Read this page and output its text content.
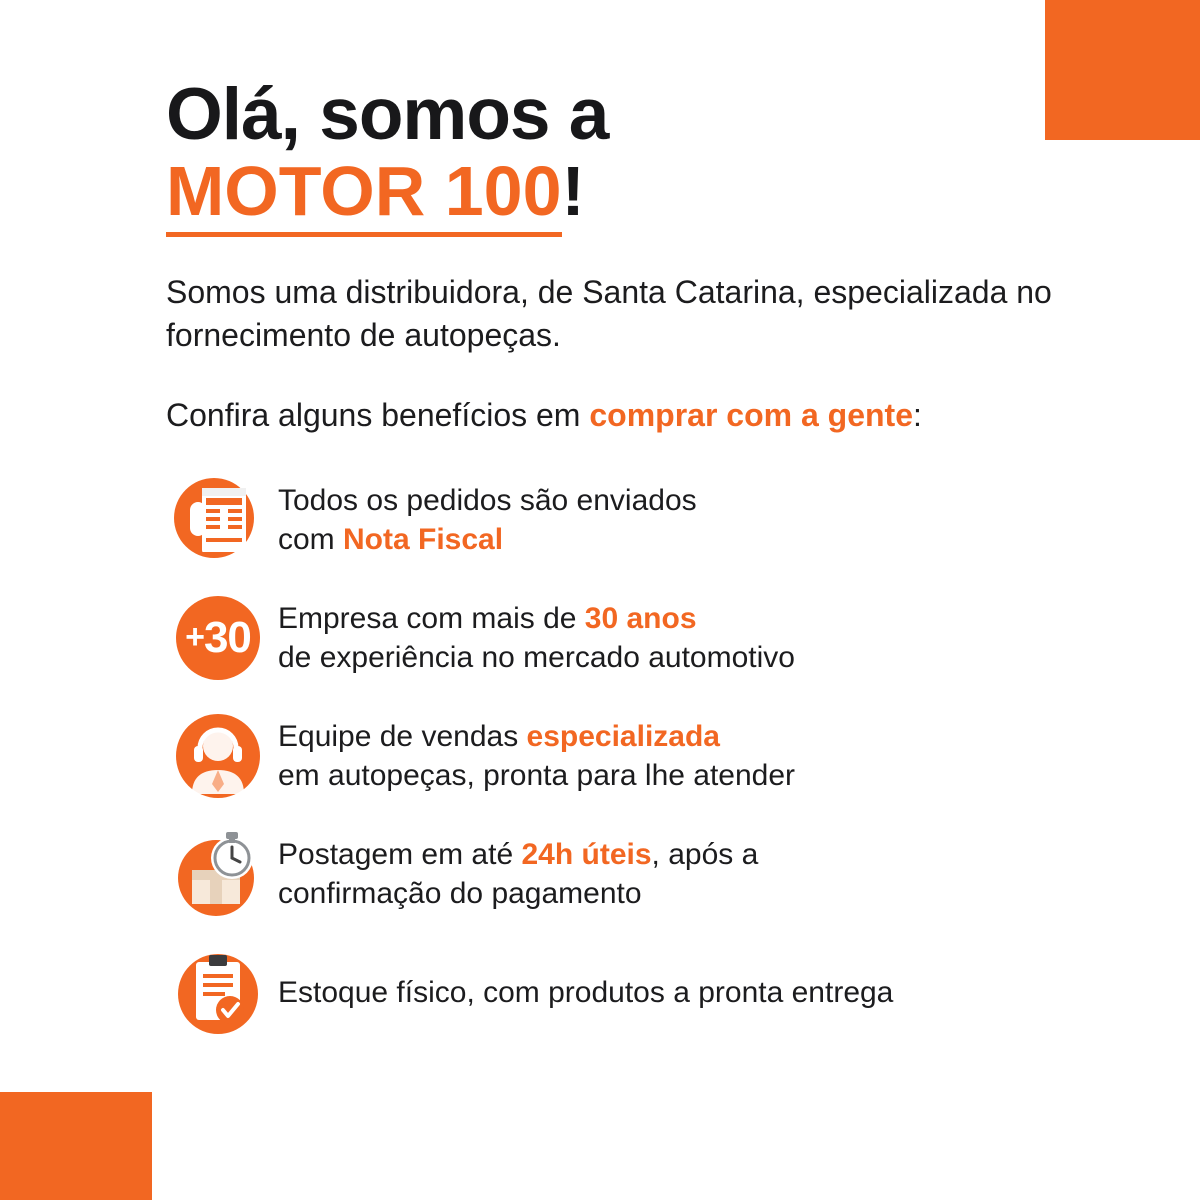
Olá, somos a
MOTOR 100!

Somos uma distribuidora, de Santa Catarina, especializada no fornecimento de autopeças.

Confira alguns benefícios em comprar com a gente:

Todos os pedidos são enviados
com Nota Fiscal
+30 Empresa com mais de 30 anos
de experiência no mercado automotivo
Equipe de vendas especializada
em autopeças, pronta para lhe atender
Postagem em até 24h úteis, após a
confirmação do pagamento
Estoque físico, com produtos a pronta entrega
